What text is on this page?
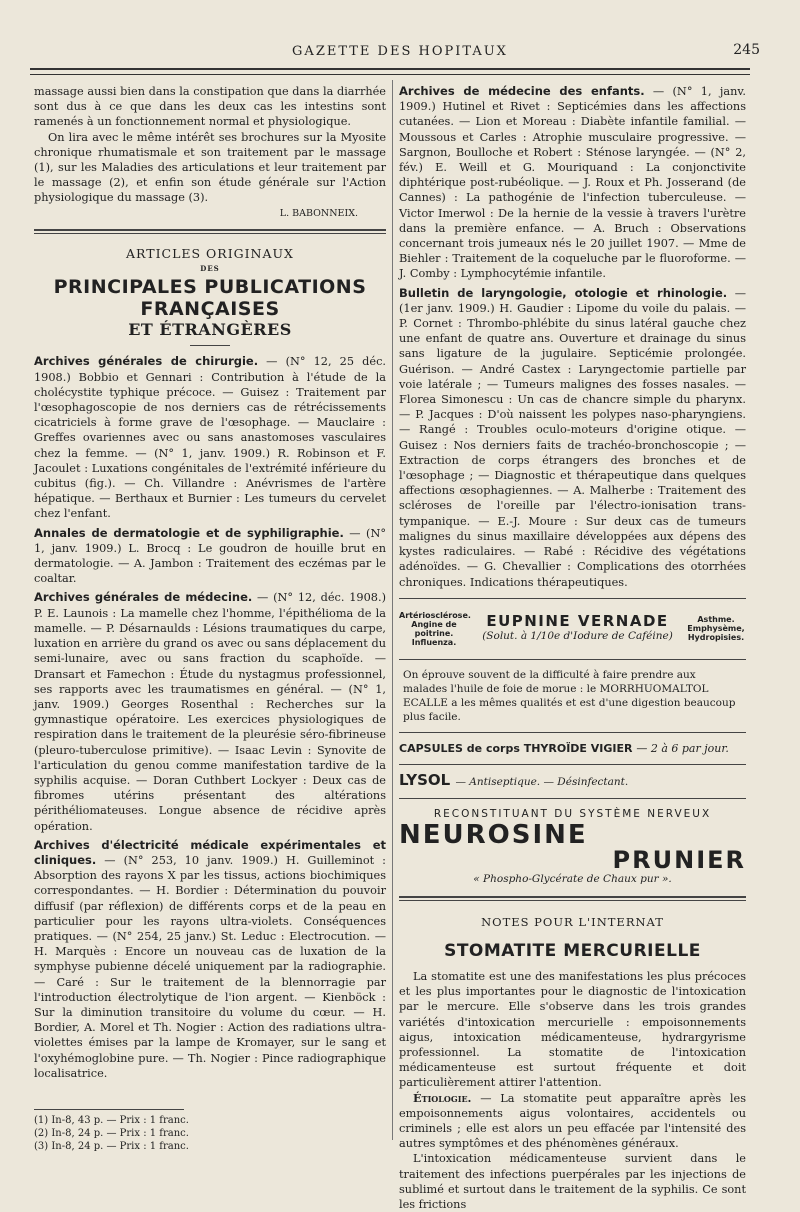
GAZETTE DES HOPITAUX	245

massage aussi bien dans la constipation que dans la diarrhée sont dus à ce que dans les deux cas les intestins sont ramenés à un fonctionnement normal et physiologique.

On lira avec le même intérêt ses brochures sur la Myosite chronique rhumatismale et son traitement par le massage (1), sur les Maladies des articulations et leur traitement par le massage (2), et enfin son étude générale sur l'Action physiologique du massage (3).

L. BABONNEIX.

ARTICLES ORIGINAUX
DES
PRINCIPALES PUBLICATIONS FRANÇAISES
ET ÉTRANGÈRES

Archives générales de chirurgie. — (N° 12, 25 déc. 1908.) Bobbio et Gennari : Contribution à l'étude de la cholécystite typhique précoce. — Guisez : Traitement par l'œsophagoscopie de nos derniers cas de rétrécissements cicatriciels à forme grave de l'œsophage. — Mauclaire : Greffes ovariennes avec ou sans anastomoses vasculaires chez la femme. — (N° 1, janv. 1909.) R. Robinson et F. Jacoulet : Luxations congénitales de l'extrémité inférieure du cubitus (fig.). — Ch. Villandre : Anévrismes de l'artère hépatique. — Berthaux et Burnier : Les tumeurs du cervelet chez l'enfant.

Annales de dermatologie et de syphiligraphie. — (N° 1, janv. 1909.) L. Brocq : Le goudron de houille brut en dermatologie. — A. Jambon : Traitement des eczémas par le coaltar.

Archives générales de médecine. — (N° 12, déc. 1908.) P. E. Launois : La mamelle chez l'homme, l'épithélioma de la mamelle. — P. Désarnaulds : Lésions traumatiques du carpe, luxation en arrière du grand os avec ou sans déplacement du semi-lunaire, avec ou sans fraction du scaphoïde. — Dransart et Famechon : Étude du nystagmus professionnel, ses rapports avec les traumatismes en général. — (N° 1, janv. 1909.) Georges Rosenthal : Recherches sur la gymnastique opératoire. Les exercices physiologiques de respiration dans le traitement de la pleurésie séro-fibrineuse (pleuro-tuberculose primitive). — Isaac Levin : Synovite de l'articulation du genou comme manifestation tardive de la syphilis acquise. — Doran Cuthbert Lockyer : Deux cas de fibromes utérins présentant des altérations périthéliomateuses. Longue absence de récidive après opération.

Archives d'électricité médicale expérimentales et cliniques. — (N° 253, 10 janv. 1909.) H. Guilleminot : Absorption des rayons X par les tissus, actions biochimiques correspondantes. — H. Bordier : Détermination du pouvoir diffusif (par réflexion) de différents corps et de la peau en particulier pour les rayons ultra-violets. Conséquences pratiques. — (N° 254, 25 janv.) St. Leduc : Electrocution. — H. Marquès : Encore un nouveau cas de luxation de la symphyse pubienne décelé uniquement par la radiographie. — Caré : Sur le traitement de la blennorragie par l'introduction électrolytique de l'ion argent. — Kienböck : Sur la diminution transitoire du volume du cœur. — H. Bordier, A. Morel et Th. Nogier : Action des radiations ultra-violettes émises par la lampe de Kromayer, sur le sang et l'oxyhémoglobine pure. — Th. Nogier : Pince radiographique localisatrice.

(1) In-8, 43 p. — Prix : 1 franc.
(2) In-8, 24 p. — Prix : 1 franc.
(3) In-8, 24 p. — Prix : 1 franc.

Archives de médecine des enfants. — (N° 1, janv. 1909.) Hutinel et Rivet : Septicémies dans les affections cutanées. — Lion et Moreau : Diabète infantile familial. — Moussous et Carles : Atrophie musculaire progressive. — Sargnon, Boulloche et Robert : Sténose laryngée. — (N° 2, fév.) E. Weill et G. Mouriquand : La conjonctivite diphtérique post-rubéolique. — J. Roux et Ph. Josserand (de Cannes) : La pathogénie de l'infection tuberculeuse. — Victor Imerwol : De la hernie de la vessie à travers l'urètre dans la première enfance. — A. Bruch : Observations concernant trois jumeaux nés le 20 juillet 1907. — Mme de Biehler : Traitement de la coqueluche par le fluoroforme. — J. Comby : Lymphocytémie infantile.

Bulletin de laryngologie, otologie et rhinologie. — (1er janv. 1909.) H. Gaudier : Lipome du voile du palais. — P. Cornet : Thrombo-phlébite du sinus latéral gauche chez une enfant de quatre ans. Ouverture et drainage du sinus sans ligature de la jugulaire. Septicémie prolongée. Guérison. — André Castex : Laryngectomie partielle par voie latérale ; — Tumeurs malignes des fosses nasales. — Florea Simonescu : Un cas de chancre simple du pharynx. — P. Jacques : D'où naissent les polypes naso-pharyngiens. — Rangé : Troubles oculo-moteurs d'origine otique. — Guisez : Nos derniers faits de trachéo-bronchoscopie ; — Extraction de corps étrangers des bronches et de l'œsophage ; — Diagnostic et thérapeutique dans quelques affections œsophagiennes. — A. Malherbe : Traitement des scléroses de l'oreille par l'électro-ionisation trans-tympanique. — E.-J. Moure : Sur deux cas de tumeurs malignes du sinus maxillaire développées aux dépens des kystes radiculaires. — Rabé : Récidive des végétations adénoïdes. — G. Chevallier : Complications des otorrhées chroniques. Indications thérapeutiques.

Artériosclérose. Angine de poitrine. Influenza.
EUPNINE VERNADE
(Solut. à 1/10e d'Iodure de Caféine)
Asthme. Emphysème, Hydropisies.

On éprouve souvent de la difficulté à faire prendre aux malades l'huile de foie de morue : le MORRHUOMALTOL ECALLE a les mêmes qualités et est d'une digestion beaucoup plus facile.

CAPSULES de corps THYROÏDE VIGIER — 2 à 6 par jour.
LYSOL — Antiseptique. — Désinfectant.
RECONSTITUANT DU SYSTÈME NERVEUX
NEUROSINE
PRUNIER
« Phospho-Glycérate de Chaux pur ».
NOTES POUR L'INTERNAT
STOMATITE MERCURIELLE

La stomatite est une des manifestations les plus précoces et les plus importantes pour le diagnostic de l'intoxication par le mercure. Elle s'observe dans les trois grandes variétés d'intoxication mercurielle : empoisonnements aigus, intoxication médicamenteuse, hydrargyrisme professionnel. La stomatite de l'intoxication médicamenteuse est surtout fréquente et doit particulièrement attirer l'attention.

Étiologie. — La stomatite peut apparaître après les empoisonnements aigus volontaires, accidentels ou criminels ; elle est alors un peu effacée par l'intensité des autres symptômes et des phénomènes généraux.

L'intoxication médicamenteuse survient dans le traitement des infections puerpérales par les injections de sublimé et surtout dans le traitement de la syphilis. Ce sont les frictions
